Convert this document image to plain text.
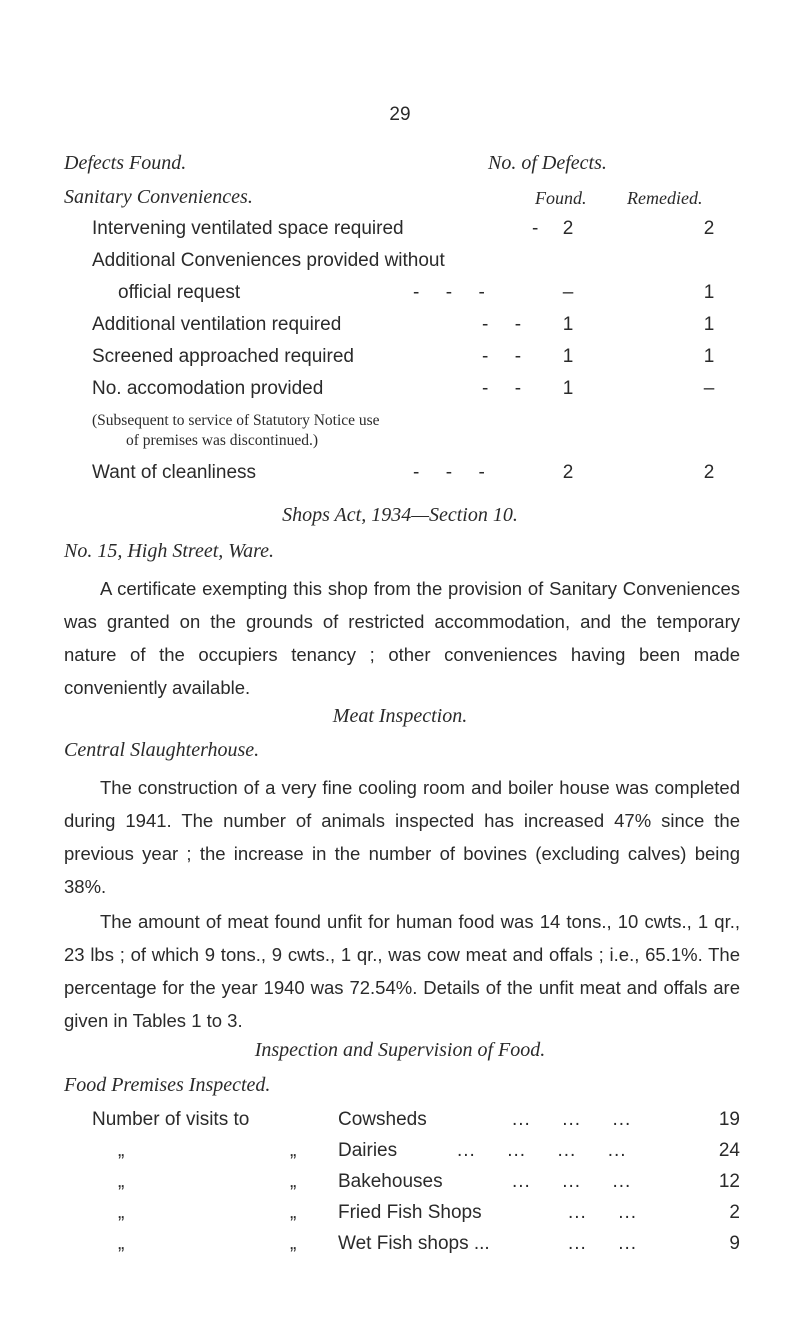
29
Defects Found.	No. of Defects.
Sanitary Conveniences.	Found. Remedied.
Intervening ventilated space required	-	2	2
Additional Conveniences provided without
official request	-     -     -	–	1
Additional ventilation required	-     -	1	1
Screened approached required	-     -	1	1
No. accomodation provided	-     -	1	–
(Subsequent to service of Statutory Notice use
of premises was discontinued.)
Want of cleanliness	-     -     -	2	2
Shops Act, 1934—Section 10.
No. 15, High Street, Ware.

A certificate exempting this shop from the provision of Sanitary Conveniences was granted on the grounds of restricted accommodation, and the temporary nature of the occupiers tenancy ; other conveniences having been made conveniently available.

Meat Inspection.
Central Slaughterhouse.

The construction of a very fine cooling room and boiler house was completed during 1941. The number of animals inspected has increased 47% since the previous year ; the increase in the number of bovines (excluding calves) being 38%.

The amount of meat found unfit for human food was 14 tons., 10 cwts., 1 qr., 23 lbs ; of which 9 tons., 9 cwts., 1 qr., was cow meat and offals ; i.e., 65.1%. The percentage for the year 1940 was 72.54%. Details of the unfit meat and offals are given in Tables 1 to 3.

Inspection and Supervision of Food.
Food Premises Inspected.
Number of visits to	Cowsheds	...     ...     ...	19
„	„ Dairies	...     ...     ...     ...	24
„	„ Bakehouses	...     ...     ...	12
„	„ Fried Fish Shops	...     ...	2
„	„ Wet Fish shops ...	...     ...	9
